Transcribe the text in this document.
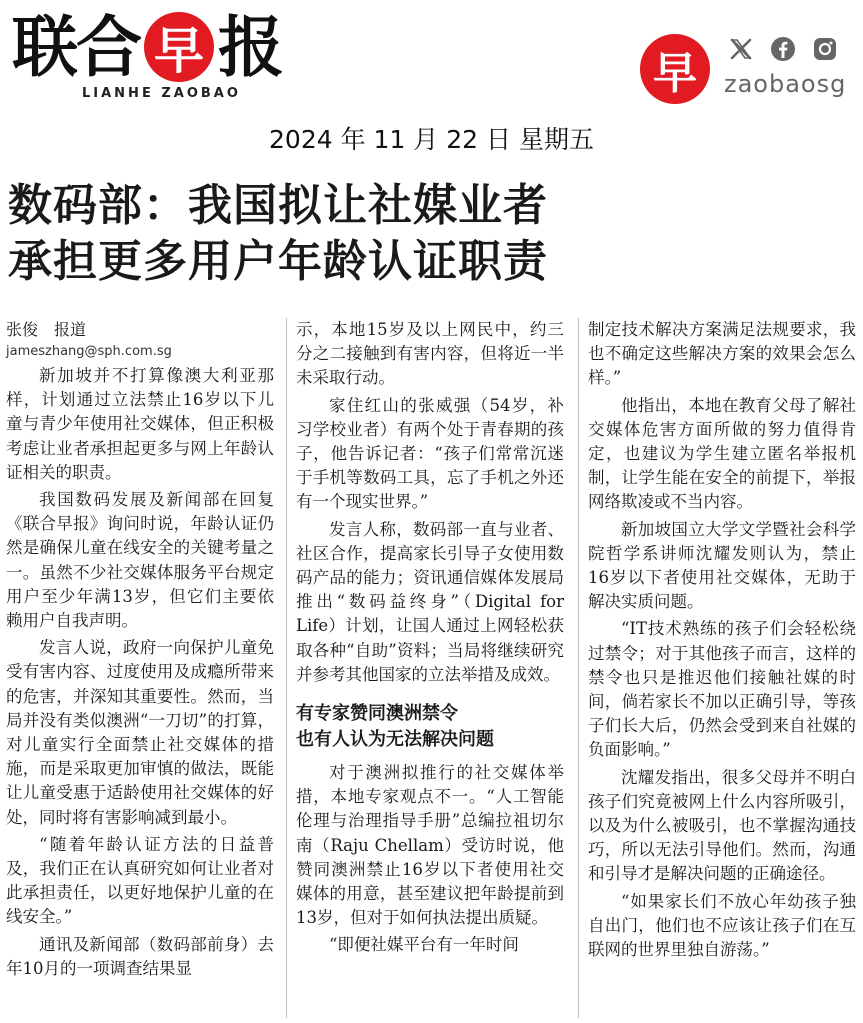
联 合 早 报
LIANHE ZAOBAO	早	zaobaosg
2024 年 11 月 22 日 星期五
数码部：我国拟让社媒业者
承担更多用户年龄认证职责
张俊　报道
jameszhang@sph.com.sg

新加坡并不打算像澳大利亚那样，计划通过立法禁止16岁以下儿童与青少年使用社交媒体，但正积极考虑让业者承担起更多与网上年龄认证相关的职责。

我国数码发展及新闻部在回复《联合早报》询问时说，年龄认证仍然是确保儿童在线安全的关键考量之一。虽然不少社交媒体服务平台规定用户至少年满13岁，但它们主要依赖用户自我声明。

发言人说，政府一向保护儿童免受有害内容、过度使用及成瘾所带来的危害，并深知其重要性。然而，当局并没有类似澳洲“一刀切”的打算，对儿童实行全面禁止社交媒体的措施，而是采取更加审慎的做法，既能让儿童受惠于适龄使用社交媒体的好处，同时将有害影响减到最小。

“随着年龄认证方法的日益普及，我们正在认真研究如何让业者对此承担责任，以更好地保护儿童的在线安全。”

通讯及新闻部（数码部前身）去年10月的一项调查结果显

示，本地15岁及以上网民中，约三分之二接触到有害内容，但将近一半未采取行动。

家住红山的张威强（54岁，补习学校业者）有两个处于青春期的孩子，他告诉记者：“孩子们常常沉迷于手机等数码工具，忘了手机之外还有一个现实世界。”

发言人称，数码部一直与业者、社区合作，提高家长引导子女使用数码产品的能力；资讯通信媒体发展局推出“数码益终身”（Digital for Life）计划，让国人通过上网轻松获取各种“自助”资料；当局将继续研究并参考其他国家的立法举措及成效。

有专家赞同澳洲禁令
也有人认为无法解决问题

对于澳洲拟推行的社交媒体举措，本地专家观点不一。“人工智能伦理与治理指导手册”总编拉祖切尔南（Raju Chellam）受访时说，他赞同澳洲禁止16岁以下者使用社交媒体的用意，甚至建议把年龄提前到13岁，但对于如何执法提出质疑。

“即便社媒平台有一年时间

制定技术解决方案满足法规要求，我也不确定这些解决方案的效果会怎么样。”

他指出，本地在教育父母了解社交媒体危害方面所做的努力值得肯定，也建议为学生建立匿名举报机制，让学生能在安全的前提下，举报网络欺凌或不当内容。

新加坡国立大学文学暨社会科学院哲学系讲师沈耀发则认为，禁止16岁以下者使用社交媒体，无助于解决实质问题。

“IT技术熟练的孩子们会轻松绕过禁令；对于其他孩子而言，这样的禁令也只是推迟他们接触社媒的时间，倘若家长不加以正确引导，等孩子们长大后，仍然会受到来自社媒的负面影响。”

沈耀发指出，很多父母并不明白孩子们究竟被网上什么内容所吸引，以及为什么被吸引，也不掌握沟通技巧，所以无法引导他们。然而，沟通和引导才是解决问题的正确途径。

“如果家长们不放心年幼孩子独自出门，他们也不应该让孩子们在互联网的世界里独自游荡。”
